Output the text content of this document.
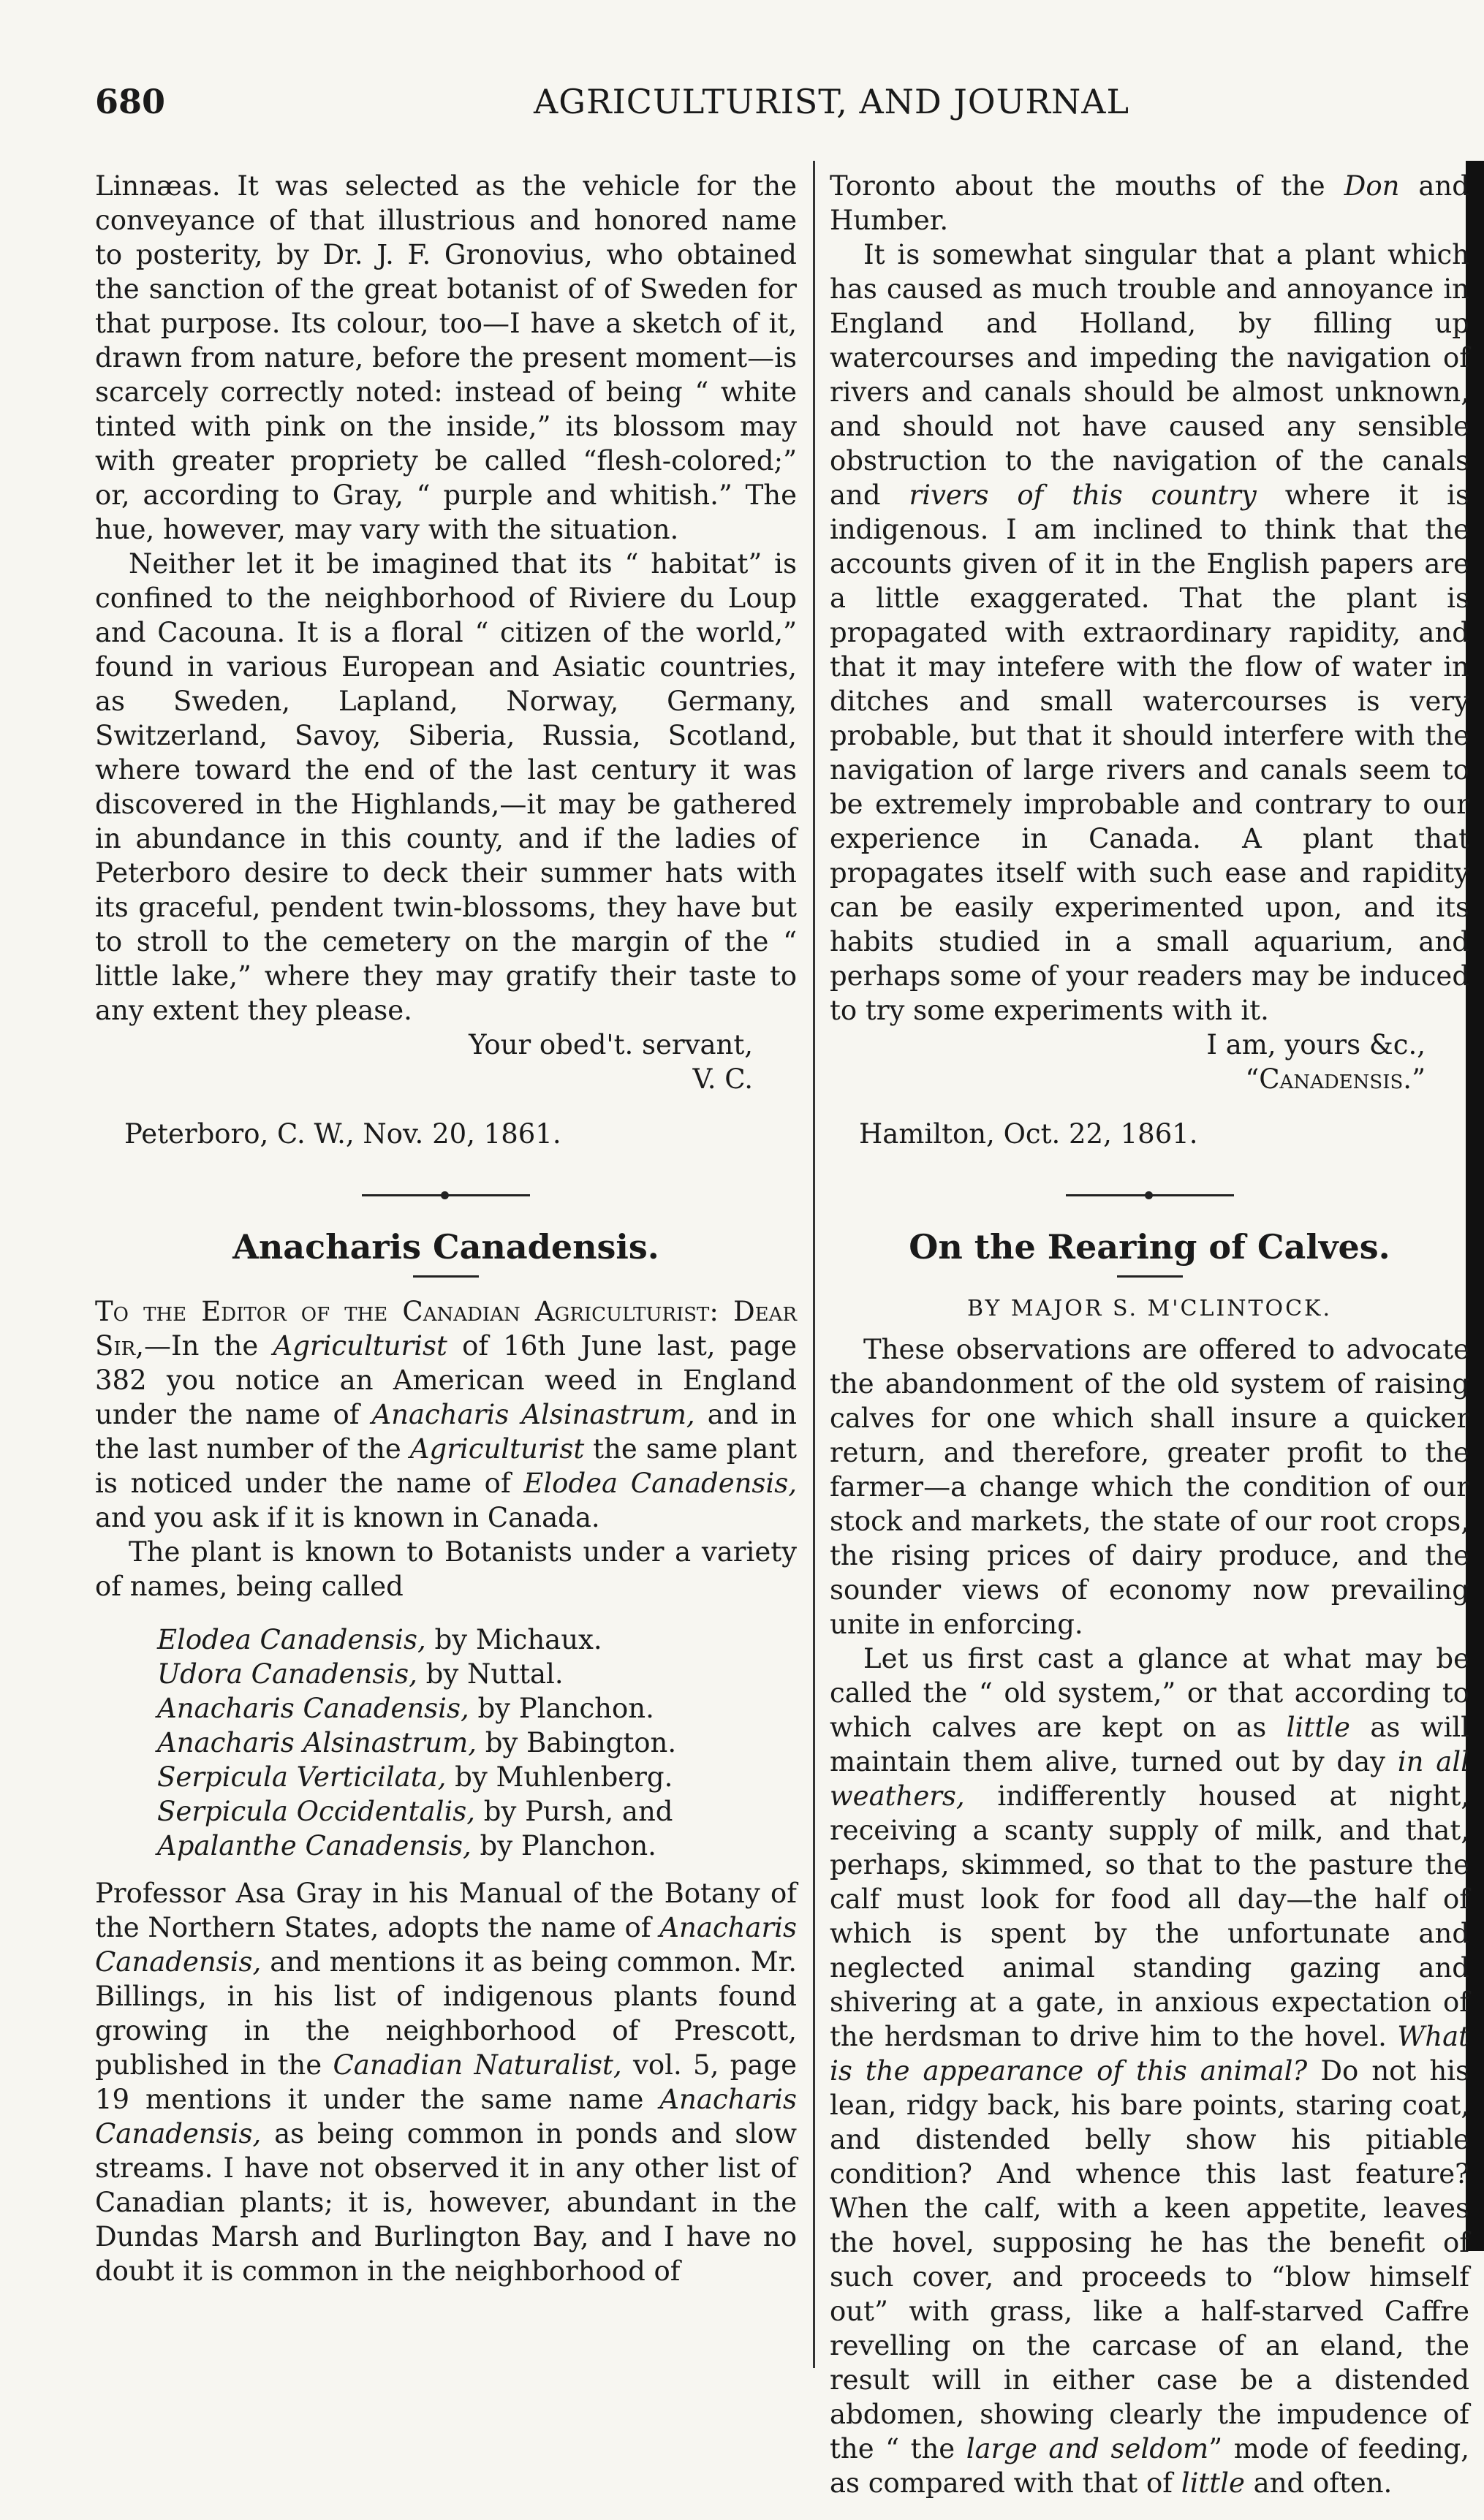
680	AGRICULTURIST, AND JOURNAL

Linnæas. It was selected as the vehicle for the conveyance of that illustrious and honored name to posterity, by Dr. J. F. Gronovius, who obtained the sanction of the great botanist of of Sweden for that purpose. Its colour, too—I have a sketch of it, drawn from nature, before the present moment—is scarcely correctly noted: instead of being “ white tinted with pink on the inside,” its blossom may with greater propriety be called “flesh-colored;” or, according to Gray, “ purple and whitish.” The hue, however, may vary with the situation.

Neither let it be imagined that its “ habitat” is confined to the neighborhood of Riviere du Loup and Cacouna. It is a floral “ citizen of the world,” found in various European and Asiatic countries, as Sweden, Lapland, Norway, Germany, Switzerland, Savoy, Siberia, Russia, Scotland, where toward the end of the last century it was discovered in the Highlands,—it may be gathered in abundance in this county, and if the ladies of Peterboro desire to deck their summer hats with its graceful, pendent twin-blossoms, they have but to stroll to the cemetery on the margin of the “ little lake,” where they may gratify their taste to any extent they please.

Your obed't. servant,

V. C.

Peterboro, C. W., Nov. 20, 1861.

Anacharis Canadensis.

To the Editor of the Canadian Agriculturist: Dear Sir,—In the Agriculturist of 16th June last, page 382 you notice an American weed in England under the name of Anacharis Alsinastrum, and in the last number of the Agriculturist the same plant is noticed under the name of Elodea Canadensis, and you ask if it is known in Canada.

The plant is known to Botanists under a variety of names, being called

Elodea Canadensis, by Michaux.
Udora Canadensis, by Nuttal.
Anacharis Canadensis, by Planchon.
Anacharis Alsinastrum, by Babington.
Serpicula Verticilata, by Muhlenberg.
Serpicula Occidentalis, by Pursh, and
Apalanthe Canadensis, by Planchon.

Professor Asa Gray in his Manual of the Botany of the Northern States, adopts the name of Anacharis Canadensis, and mentions it as being common. Mr. Billings, in his list of indigenous plants found growing in the neighborhood of Prescott, published in the Canadian Naturalist, vol. 5, page 19 mentions it under the same name Anacharis Canadensis, as being common in ponds and slow streams. I have not observed it in any other list of Canadian plants; it is, however, abundant in the Dundas Marsh and Burlington Bay, and I have no doubt it is common in the neighborhood of

Toronto about the mouths of the Don and Humber.

It is somewhat singular that a plant which has caused as much trouble and annoyance in England and Holland, by filling up watercourses and impeding the navigation of rivers and canals should be almost unknown, and should not have caused any sensible obstruction to the navigation of the canals and rivers of this country where it is indigenous. I am inclined to think that the accounts given of it in the English papers are a little exaggerated. That the plant is propagated with extraordinary rapidity, and that it may intefere with the flow of water in ditches and small watercourses is very probable, but that it should interfere with the navigation of large rivers and canals seem to be extremely improbable and contrary to our experience in Canada. A plant that propagates itself with such ease and rapidity can be easily experimented upon, and its habits studied in a small aquarium, and perhaps some of your readers may be induced to try some experiments with it.

I am, yours &c.,

“Canadensis.”

Hamilton, Oct. 22, 1861.

On the Rearing of Calves.

BY MAJOR S. M'CLINTOCK.

These observations are offered to advocate the abandonment of the old system of raising calves for one which shall insure a quicker return, and therefore, greater profit to the farmer—a change which the condition of our stock and markets, the state of our root crops, the rising prices of dairy produce, and the sounder views of economy now prevailing unite in enforcing.

Let us first cast a glance at what may be called the “ old system,” or that according to which calves are kept on as little as will maintain them alive, turned out by day in all weathers, indifferently housed at night, receiving a scanty supply of milk, and that, perhaps, skimmed, so that to the pasture the calf must look for food all day—the half of which is spent by the unfortunate and neglected animal standing gazing and shivering at a gate, in anxious expectation of the herdsman to drive him to the hovel. What is the appearance of this animal? Do not his lean, ridgy back, his bare points, staring coat, and distended belly show his pitiable condition? And whence this last feature? When the calf, with a keen appetite, leaves the hovel, supposing he has the benefit of such cover, and proceeds to “blow himself out” with grass, like a half-starved Caffre revelling on the carcase of an eland, the result will in either case be a distended abdomen, showing clearly the impudence of the “ the large and seldom” mode of feeding, as compared with that of little and often.
